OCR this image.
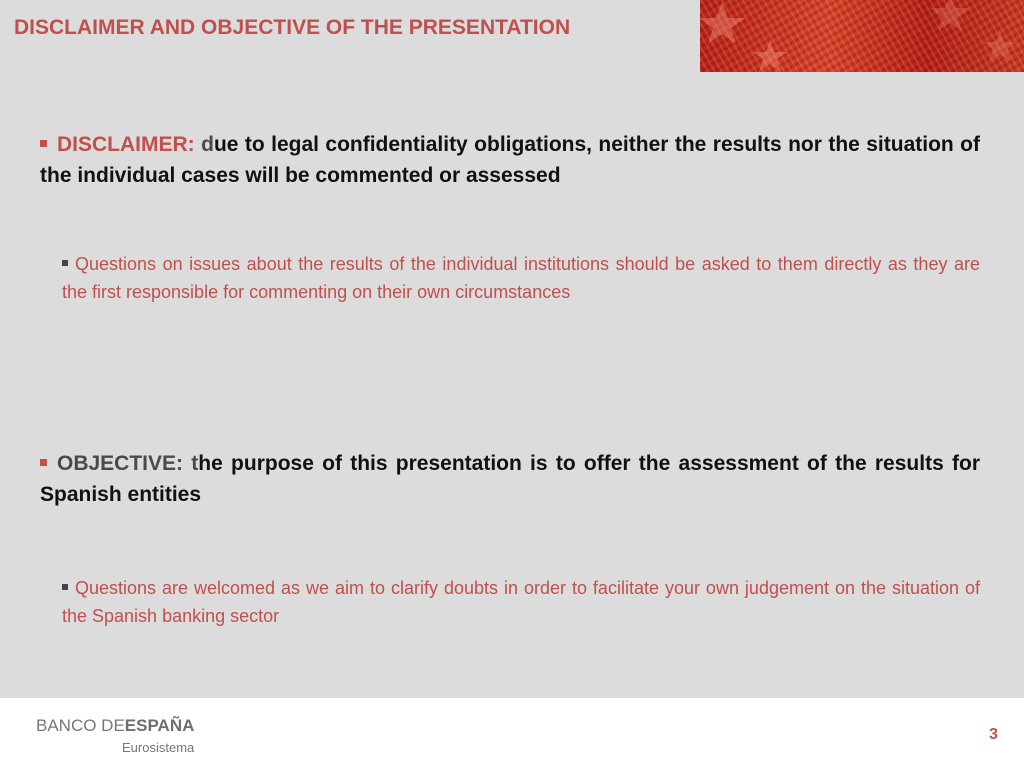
DISCLAIMER AND OBJECTIVE OF THE PRESENTATION

DISCLAIMER: due to legal confidentiality obligations, neither the results nor the situation of the individual cases will be commented or assessed

Questions on issues about the results of the individual institutions should be asked to them directly as they are the first responsible for commenting on their own circumstances

OBJECTIVE: the purpose of this presentation is to offer the assessment of the results for Spanish entities

Questions are welcomed as we aim to clarify doubts in order to facilitate your own judgement on the situation of the Spanish banking sector

BANCO DEESPAÑA
Eurosistema
3
